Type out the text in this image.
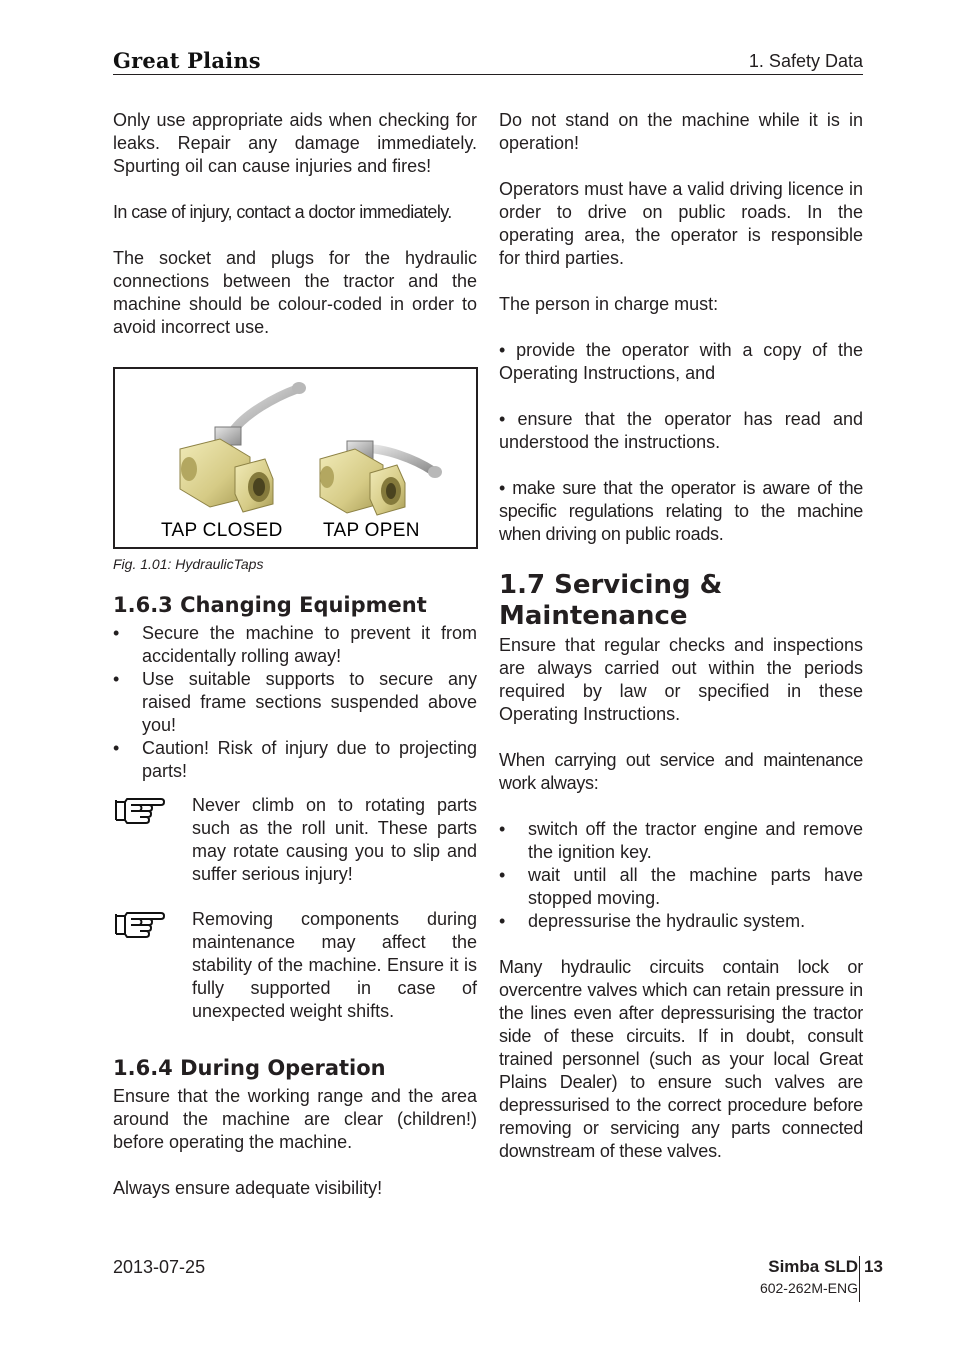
Great Plains	1. Safety Data

Only use appropriate aids when checking for leaks. Repair any damage immediately. Spurting oil can cause injuries and fires!

In case of injury, contact a doctor immediately.

The socket and plugs for the hydraulic connections between the tractor and the machine should be colour-coded in order to avoid incorrect use.

TAP CLOSED TAP OPEN
Fig. 1.01: HydraulicTaps
1.6.3 Changing Equipment
• Secure the machine to prevent it from accidentally rolling away!
• Use suitable supports to secure any raised frame sections suspended above you!
• Caution! Risk of injury due to projecting parts!
Never climb on to rotating parts such as the roll unit. These parts may rotate causing you to slip and suffer serious injury!
Removing components during maintenance may affect the stability of the machine. Ensure it is fully supported in case of unexpected weight shifts.
1.6.4 During Operation

Ensure that the working range and the area around the machine are clear (children!) before operating the machine.

Always ensure adequate visibility!

Do not stand on the machine while it is in operation!

Operators must have a valid driving licence in order to drive on public roads. In the operating area, the operator is responsible for third parties.

The person in charge must:

• provide the operator with a copy of the Operating Instructions, and

• ensure that the operator has read and understood the instructions.

• make sure that the operator is aware of the specific regulations relating to the machine when driving on public roads.

1.7 Servicing & Maintenance

Ensure that regular checks and inspections are always carried out within the periods required by law or specified in these Operating Instructions.

When carrying out service and maintenance work always:

• switch off the tractor engine and remove the ignition key.
• wait until all the machine parts have stopped moving.
• depressurise the hydraulic system.

Many hydraulic circuits contain lock or overcentre valves which can retain pressure in the lines even after depressurising the tractor side of these circuits. If in doubt, consult trained personnel (such as your local Great Plains Dealer) to ensure such valves are depressurised to the correct procedure before removing or servicing any parts connected downstream of these valves.

2013-07-25	Simba SLD
602-262M-ENG
13
